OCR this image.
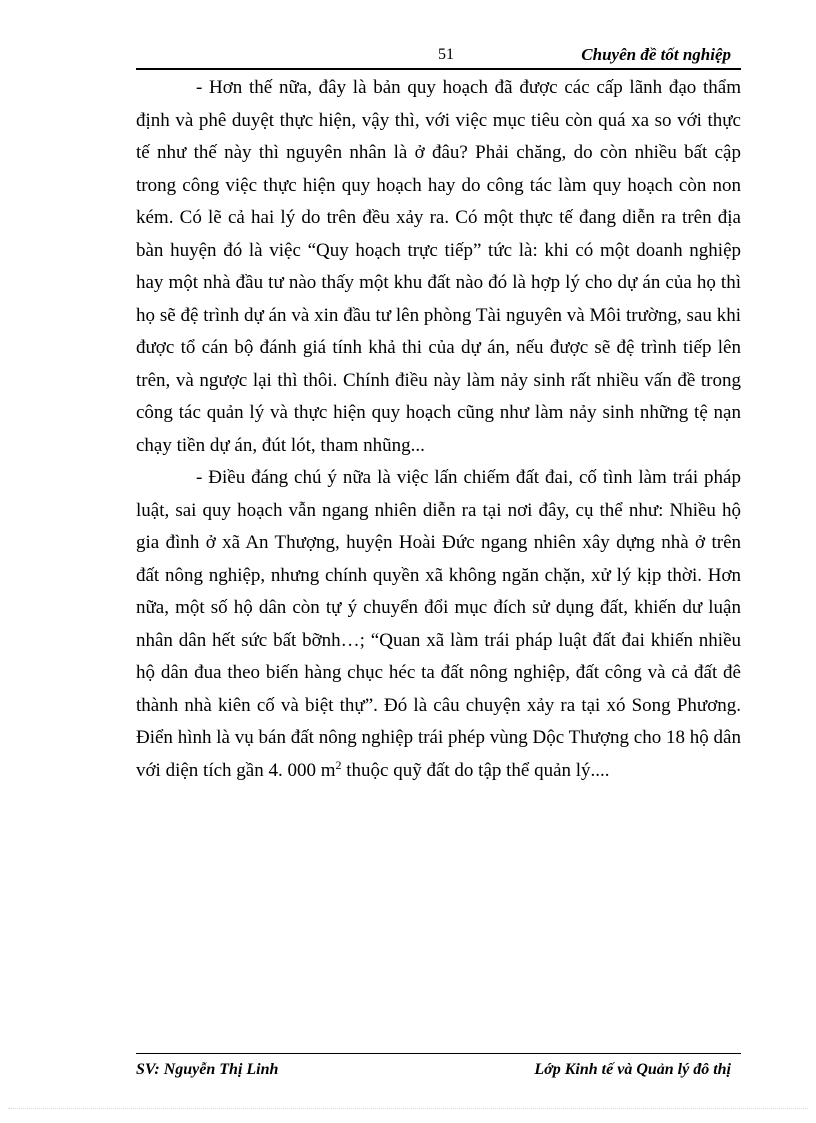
51	Chuyên đề tốt nghiệp

- Hơn thế nữa, đây là bản quy hoạch đã được các cấp lãnh đạo thẩm định và phê duyệt thực hiện, vậy thì, với việc mục tiêu còn quá xa so với thực tế như thế này thì nguyên nhân là ở đâu? Phải chăng, do còn nhiều bất cập trong công việc thực hiện quy hoạch hay do công tác làm quy hoạch còn non kém. Có lẽ cả hai lý do trên đều xảy ra. Có một thực tế đang diễn ra trên địa bàn huyện đó là việc “Quy hoạch trực tiếp” tức là: khi có một doanh nghiệp hay một nhà đầu tư nào thấy một khu đất nào đó là hợp lý cho dự án của họ thì họ sẽ đệ trình dự án và xin đầu tư lên phòng Tài nguyên và Môi trường, sau khi được tổ cán bộ đánh giá tính khả thi của dự án, nếu được sẽ đệ trình tiếp lên trên, và ngược lại thì thôi. Chính điều này làm nảy sinh rất nhiều vấn đề trong công tác quản lý và thực hiện quy hoạch cũng như làm nảy sinh những tệ nạn chạy tiền dự án, đút lót, tham nhũng...

- Điều đáng chú ý nữa là việc lấn chiếm đất đai, cố tình làm trái pháp luật, sai quy hoạch vẫn ngang nhiên diễn ra tại nơi đây, cụ thể như: Nhiều hộ gia đình ở xã An Thượng, huyện Hoài Đức ngang nhiên xây dựng nhà ở trên đất nông nghiệp, nhưng chính quyền xã không ngăn chặn, xử lý kịp thời. Hơn nữa, một số hộ dân còn tự ý chuyển đổi mục đích sử dụng đất, khiến dư luận nhân dân hết sức bất bỡnh…; “Quan xã làm trái pháp luật đất đai khiến nhiều hộ dân đua theo biến hàng chục héc ta đất nông nghiệp, đất công và cả đất đê thành nhà kiên cố và biệt thự”. Đó là câu chuyện xảy ra tại xó Song Phương. Điển hình là vụ bán đất nông nghiệp trái phép vùng Dộc Thượng cho 18 hộ dân với diện tích gần 4. 000 $m^2$ thuộc quỹ đất do tập thể quản lý....

SV: Nguyễn Thị Linh	Lớp Kinh tế và Quản lý đô thị
